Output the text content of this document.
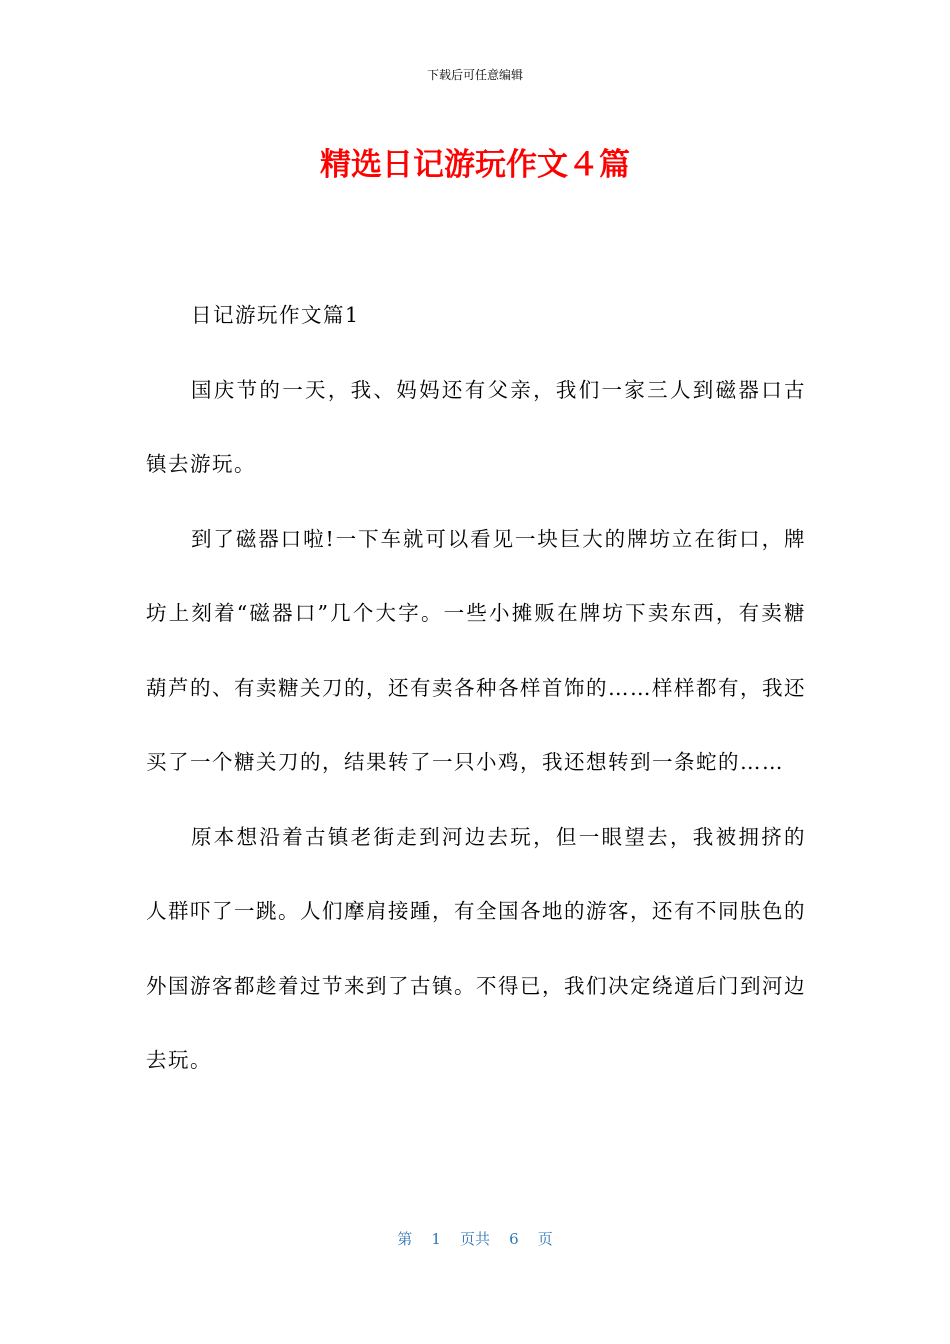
下载后可任意编辑
精选日记游玩作文４篇

日记游玩作文篇1

国庆节的一天，我、妈妈还有父亲，我们一家三人到磁器口古镇去游玩。

到了磁器口啦!一下车就可以看见一块巨大的牌坊立在街口，牌坊上刻着“磁器口”几个大字。一些小摊贩在牌坊下卖东西，有卖糖葫芦的、有卖糖关刀的，还有卖各种各样首饰的……样样都有，我还买了一个糖关刀的，结果转了一只小鸡，我还想转到一条蛇的……

原本想沿着古镇老街走到河边去玩，但一眼望去，我被拥挤的人群吓了一跳。人们摩肩接踵，有全国各地的游客，还有不同肤色的外国游客都趁着过节来到了古镇。不得已，我们决定绕道后门到河边去玩。

第 1 页共 6 页
